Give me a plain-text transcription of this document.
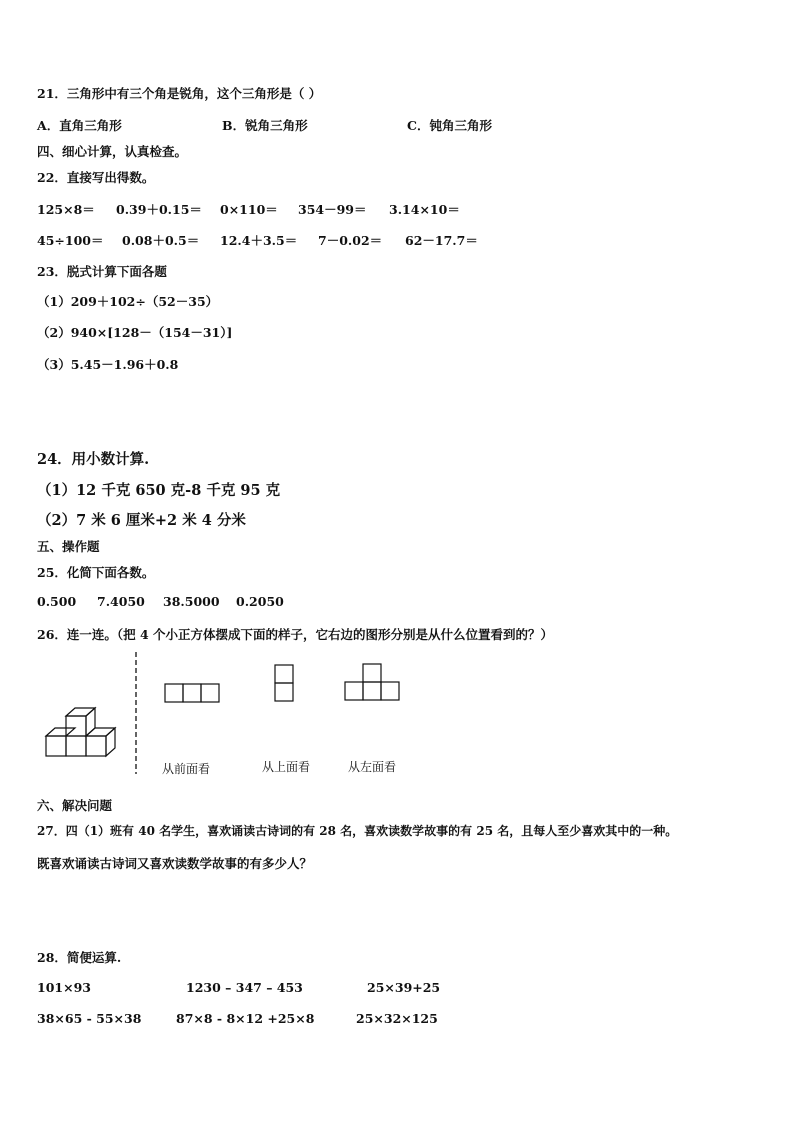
21．三角形中有三个角是锐角，这个三角形是（ ）
A．直角三角形	B．锐角三角形	C．钝角三角形
四、细心计算，认真检查。
22．直接写出得数。
125×8＝ 0.39＋0.15＝ 0×110＝ 354－99＝ 3.14×10＝
45÷100＝ 0.08＋0.5＝ 12.4＋3.5＝ 7－0.02＝ 62－17.7＝
23．脱式计算下面各题
（1）209＋102÷（52－35）
（2）940×[128－（154－31）]
（3）5.45－1.96＋0.8
24．用小数计算.
（1）12 千克 650 克-8 千克 95 克
（2）7 米 6 厘米+2 米 4 分米
五、操作题
25．化简下面各数。
0.500 7.4050 38.5000 0.2050
26．连一连。（把 4 个小正方体摆成下面的样子，它右边的图形分别是从什么位置看到的？）
从前面看	从上面看	从左面看
六、解决问题
27．四（1）班有 40 名学生，喜欢诵读古诗词的有 28 名，喜欢读数学故事的有 25 名，且每人至少喜欢其中的一种。
既喜欢诵读古诗词又喜欢读数学故事的有多少人？
28．简便运算.
101×93	1230 – 347 – 453	25×39+25
38×65 - 55×38	87×8 - 8×12 +25×8	25×32×125
